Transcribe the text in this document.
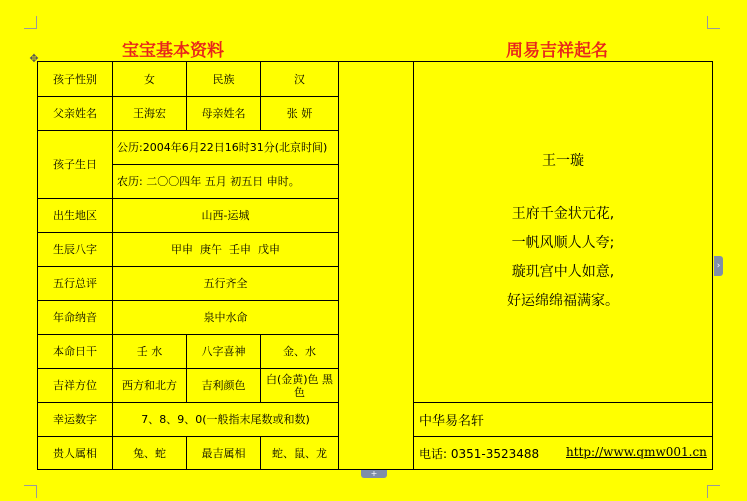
宝宝基本资料	周易吉祥起名
✥
孩子性别	女	民族	汉
父亲姓名	王海宏	母亲姓名	张 妍
孩子生日
公历:2004年6月22日16时31分(北京时间)
农历: 二〇〇四年 五月 初五日 申时。
出生地区	山西-运城
生辰八字	甲申  庚午  壬申  戊申
五行总评	五行齐全
年命纳音	泉中水命
本命日干	壬 水	八字喜神	金、水
吉祥方位	西方和北方	吉利颜色	白(金黄)色 黑 色
幸运数字	7、8、9、0(一般指末尾数或和数)
贵人属相	兔、蛇	最吉属相	蛇、鼠、龙
王一璇
王府千金状元花,
一帆风顺人人夸;
璇玑宫中人如意,
好运绵绵福满家。
中华易名轩
电话: 0351-3523488 http://www.qmw001.cn
›
+
